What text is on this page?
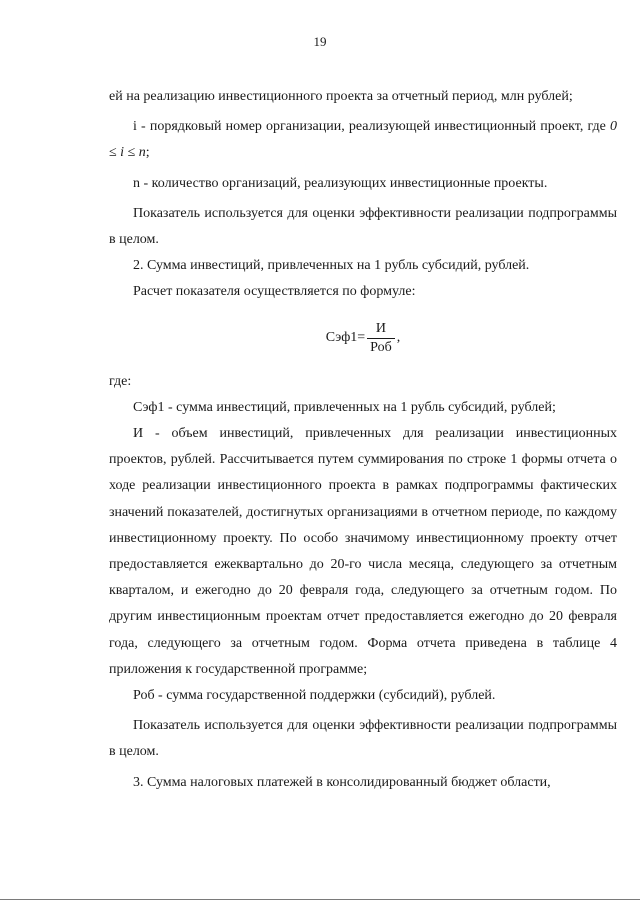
19

ей на реализацию инвестиционного проекта за отчетный период, млн рублей;

i - порядковый номер организации, реализующей инвестиционный проект, где 0 ≤ i ≤ n;

n - количество организаций, реализующих инвестиционные проекты.

Показатель используется для оценки эффективности реализации подпрограммы в целом.

2. Сумма инвестиций, привлеченных на 1 рубль субсидий, рублей.

Расчет показателя осуществляется по формуле:

$Сэф1= \frac{И}{\text{Роб}}$ ,

где:

Сэф1 - сумма инвестиций, привлеченных на 1 рубль субсидий, рублей;

И - объем инвестиций, привлеченных для реализации инвестиционных проектов, рублей. Рассчитывается путем суммирования по строке 1 формы отчета о ходе реализации инвестиционного проекта в рамках подпрограммы фактических значений показателей, достигнутых организациями в отчетном периоде, по каждому инвестиционному проекту. По особо значимому инвестиционному проекту отчет предоставляется ежеквартально до 20-го числа месяца, следующего за отчетным кварталом, и ежегодно до 20 февраля года, следующего за отчетным годом. По другим инвестиционным проектам отчет предоставляется ежегодно до 20 февраля года, следующего за отчетным годом. Форма отчета приведена в таблице 4 приложения к государственной программе;

Роб - сумма государственной поддержки (субсидий), рублей.

Показатель используется для оценки эффективности реализации подпрограммы в целом.

3. Сумма налоговых платежей в консолидированный бюджет области,
